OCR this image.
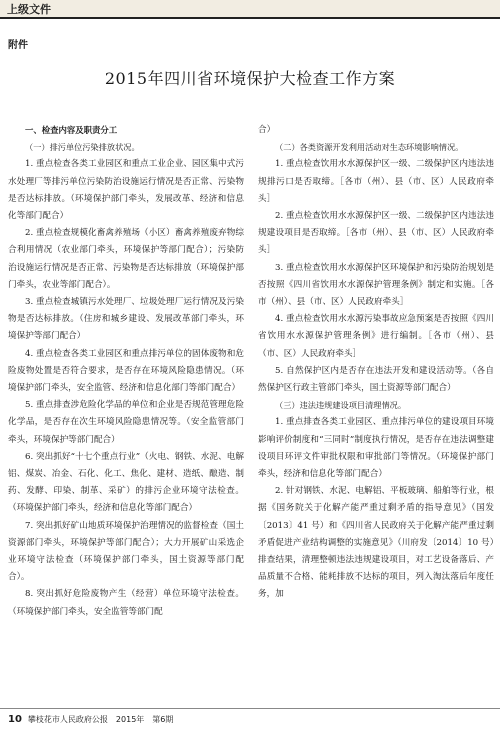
上级文件
附件
2015年四川省环境保护大检查工作方案

一、检查内容及职责分工

（一）排污单位污染排放状况。

1. 重点检查各类工业园区和重点工业企业、园区集中式污水处理厂等排污单位污染防治设施运行情况是否正常、污染物是否达标排放。（环境保护部门牵头，发展改革、经济和信息化等部门配合）

2. 重点检查规模化畜禽养殖场（小区）畜禽养殖废弃物综合利用情况（农业部门牵头，环境保护等部门配合）；污染防治设施运行情况是否正常、污染物是否达标排放（环境保护部门牵头，农业等部门配合）。

3. 重点检查城镇污水处理厂、垃圾处理厂运行情况及污染物是否达标排放。（住房和城乡建设、发展改革部门牵头，环境保护等部门配合）

4. 重点检查各类工业园区和重点排污单位的固体废物和危险废物处置是否符合要求，是否存在环境风险隐患情况。（环境保护部门牵头，安全监管、经济和信息化部门等部门配合）

5. 重点排查涉危险化学品的单位和企业是否规范管理危险化学品，是否存在次生环境风险隐患情况等。（安全监管部门牵头，环境保护等部门配合）

6. 突出抓好“十七个重点行业”（火电、钢铁、水泥、电解铝、煤炭、冶金、石化、化工、焦化、建材、造纸、酿造、制药、发酵、印染、制革、采矿）的排污企业环境守法检查。（环境保护部门牵头，经济和信息化等部门配合）

7. 突出抓好矿山地质环境保护治理情况的监督检查（国土资源部门牵头，环境保护等部门配合）；大力开展矿山采选企业环境守法检查（环境保护部门牵头，国土资源等部门配合）。

8. 突出抓好危险废物产生（经营）单位环境守法检查。（环境保护部门牵头，安全监管等部门配

合）

（二）各类资源开发利用活动对生态环境影响情况。

1. 重点检查饮用水水源保护区一级、二级保护区内违法违规排污口是否取缔。［各市（州）、县（市、区）人民政府牵头］

2. 重点检查饮用水水源保护区一级、二级保护区内违法违规建设项目是否取缔。［各市（州）、县（市、区）人民政府牵头］

3. 重点检查饮用水水源保护区环境保护和污染防治规划是否按照《四川省饮用水水源保护管理条例》制定和实施。［各市（州）、县（市、区）人民政府牵头］

4. 重点检查饮用水水源污染事故应急预案是否按照《四川省饮用水水源保护管理条例》进行编制。［各市（州）、县（市、区）人民政府牵头］

5. 自然保护区内是否存在违法开发和建设活动等。（各自然保护区行政主管部门牵头，国土资源等部门配合）

（三）违法违规建设项目清理情况。

1. 重点排查各类工业园区、重点排污单位的建设项目环境影响评价制度和“三同时”制度执行情况，是否存在违法调整建设项目环评文件审批权限和审批部门等情况。（环境保护部门牵头，经济和信息化等部门配合）

2. 针对钢铁、水泥、电解铝、平板玻璃、船舶等行业，根据《国务院关于化解产能严重过剩矛盾的指导意见》（国发〔2013〕41 号）和《四川省人民政府关于化解产能严重过剩矛盾促进产业结构调整的实施意见》（川府发〔2014〕10 号）排查结果，清理整顿违法违规建设项目，对工艺设备落后、产品质量不合格、能耗排放不达标的项目，列入淘汰落后年度任务，加

10 攀枝花市人民政府公报　2015年　第6期
